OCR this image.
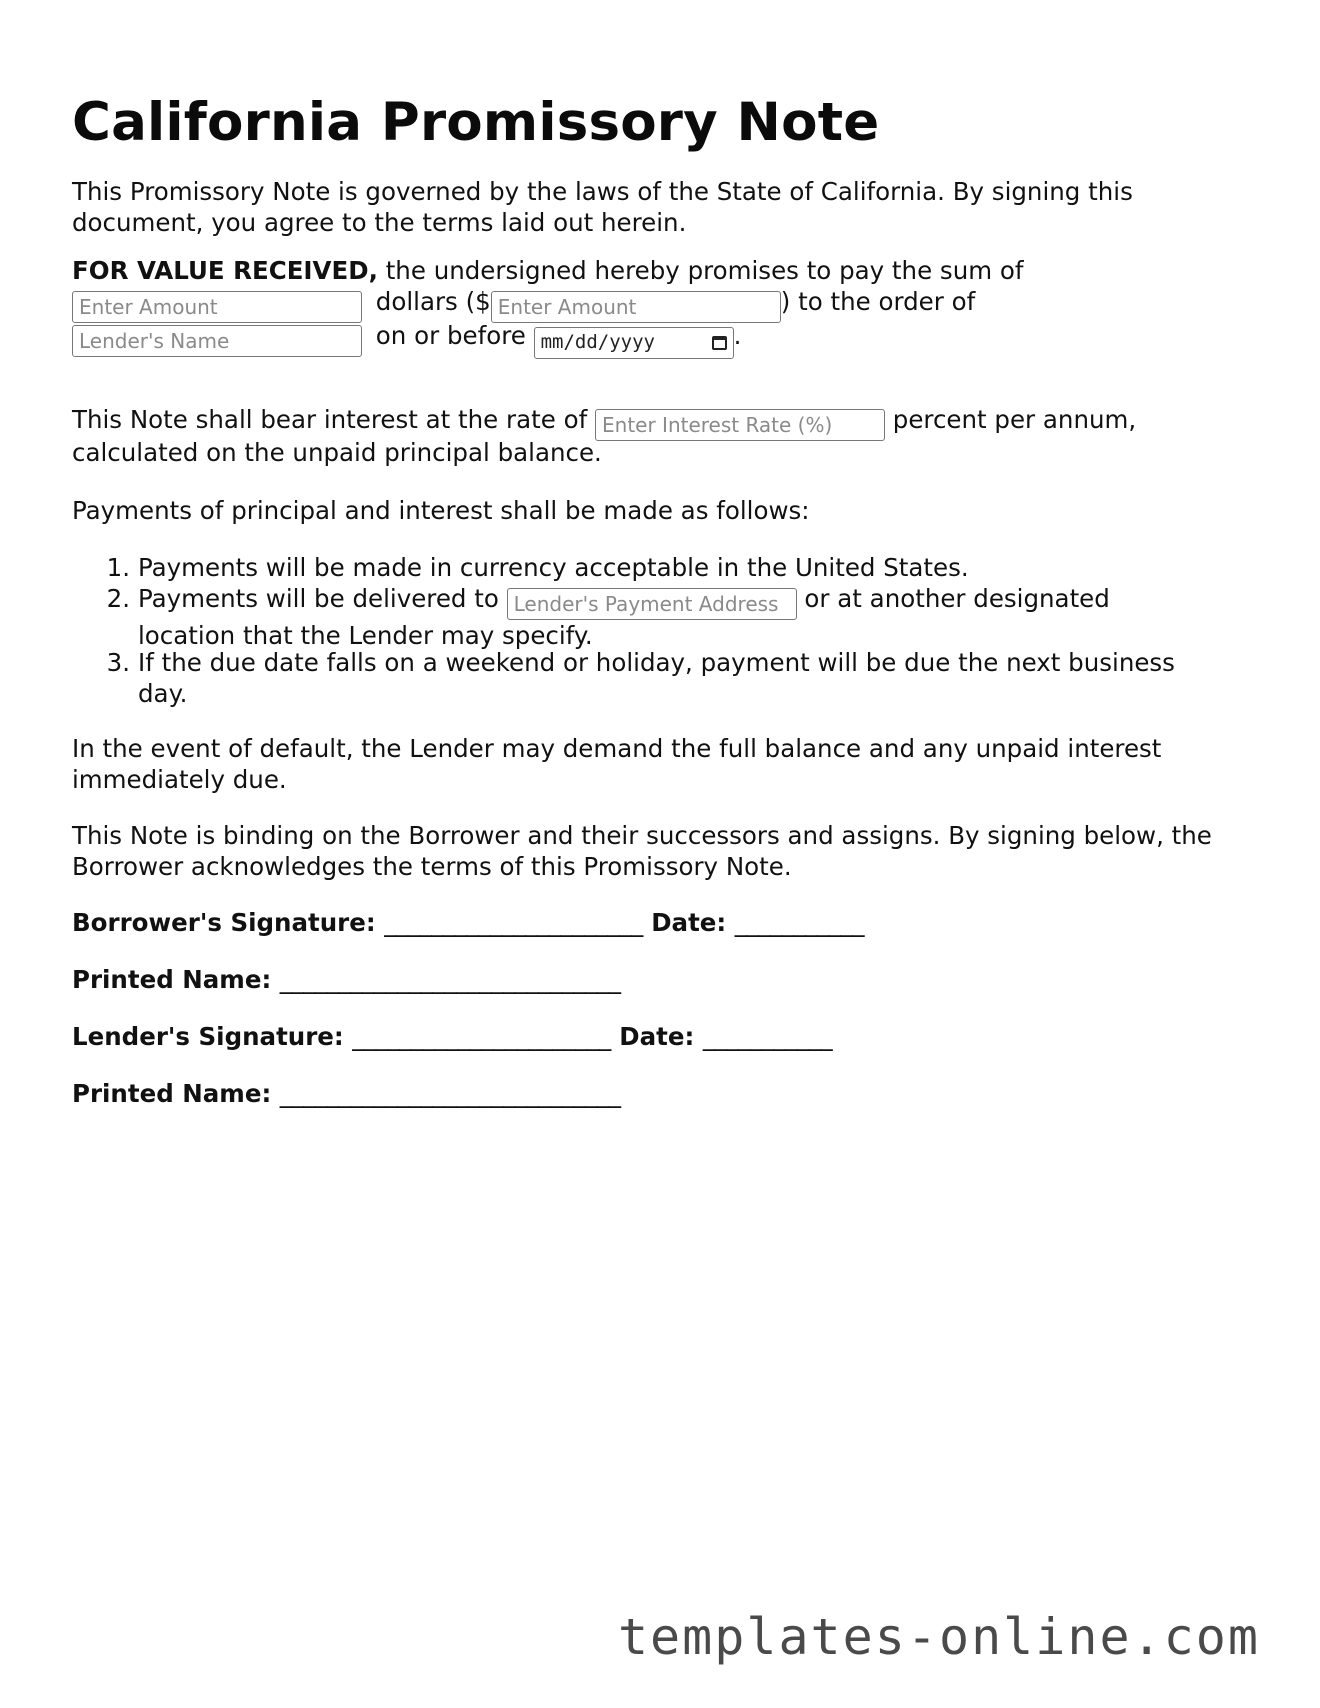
California Promissory Note

This Promissory Note is governed by the laws of the State of California. By signing this document, you agree to the terms laid out herein.

FOR VALUE RECEIVED, the undersigned hereby promises to pay the sum of
Enter Amount dollars ($Enter Amount	) to the order of
Lender's Name on or before mm/dd/yyyy	.
This Note shall bear interest at the rate of Enter Interest Rate (%)	percent per annum,
calculated on the unpaid principal balance.
Payments of principal and interest shall be made as follows:
1. Payments will be made in currency acceptable in the United States.
2. Payments will be delivered to Lender's Payment Address	or at another designated
location that the Lender may specify.
3. If the due date falls on a weekend or holiday, payment will be due the next business
day.
In the event of default, the Lender may demand the full balance and any unpaid interest immediately due.
This Note is binding on the Borrower and their successors and assigns. By signing below, the Borrower acknowledges the terms of this Promissory Note.
Borrower's Signature: ______________________ Date: ___________
Printed Name: _____________________________
Lender's Signature: ______________________ Date: ___________
Printed Name: _____________________________
templates-online.com
